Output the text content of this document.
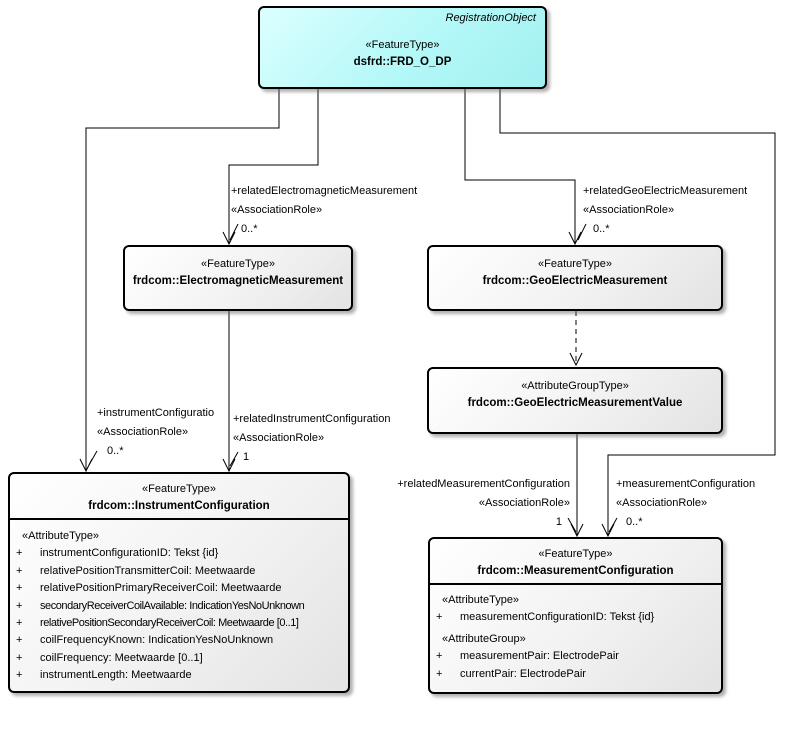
RegistrationObject
«FeatureType»
dsfrd::FRD_O_DP
«FeatureType»
frdcom::ElectromagneticMeasurement
«FeatureType»
frdcom::GeoElectricMeasurement
«AttributeGroupType»
frdcom::GeoElectricMeasurementValue
«FeatureType»
frdcom::InstrumentConfiguration
«AttributeType»
+ instrumentConfigurationID: Tekst {id}
+ relativePositionTransmitterCoil: Meetwaarde
+ relativePositionPrimaryReceiverCoil: Meetwaarde
+ secondaryReceiverCoilAvailable: IndicationYesNoUnknown
+ relativePositionSecondaryReceiverCoil: Meetwaarde [0..1]
+ coilFrequencyKnown: IndicationYesNoUnknown
+ coilFrequency: Meetwaarde [0..1]
+ instrumentLength: Meetwaarde
«FeatureType»
frdcom::MeasurementConfiguration
«AttributeType»
+ measurementConfigurationID: Tekst {id}
«AttributeGroup»
+ measurementPair: ElectrodePair
+ currentPair: ElectrodePair
+relatedElectromagneticMeasurement
«AssociationRole»
0..*
+relatedGeoElectricMeasurement
«AssociationRole»
0..*
+instrumentConfiguratio
«AssociationRole»
0..*
+relatedInstrumentConfiguration
«AssociationRole»
1
+relatedMeasurementConfiguration
«AssociationRole»
1
+measurementConfiguration
«AssociationRole»
0..*
